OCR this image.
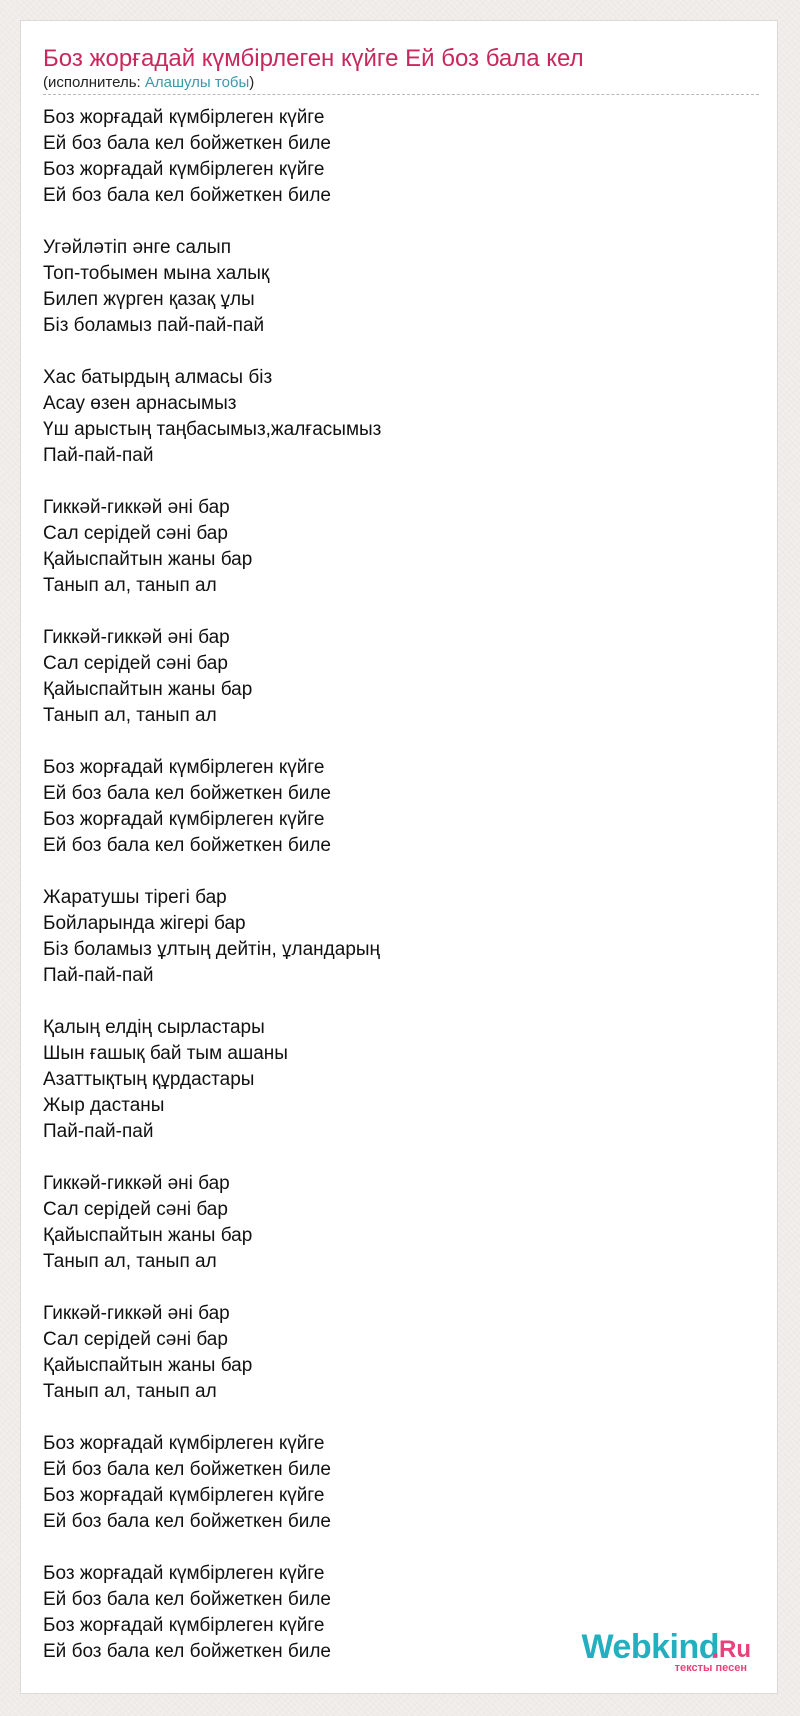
Боз жорғадай күмбірлеген күйге Ей боз бала кел
(исполнитель: Алашулы тобы)
Боз жорғадай күмбірлеген күйге
Ей боз бала кел бойжеткен биле
Боз жорғадай күмбірлеген күйге
Ей боз бала кел бойжеткен биле
Угәйләтіп әнге салып
Топ-тобымен мына халық
Билеп жүрген қазақ ұлы
Біз боламыз пай-пай-пай
Хас батырдың алмасы біз
Асау өзен арнасымыз
Үш арыстың таңбасымыз,жалғасымыз
Пай-пай-пай
Гиккәй-гиккәй әні бар
Сал серідей сәні бар
Қайыспайтын жаны бар
Танып ал, танып ал
Гиккәй-гиккәй әні бар
Сал серідей сәні бар
Қайыспайтын жаны бар
Танып ал, танып ал
Боз жорғадай күмбірлеген күйге
Ей боз бала кел бойжеткен биле
Боз жорғадай күмбірлеген күйге
Ей боз бала кел бойжеткен биле
Жаратушы тірегі бар
Бойларында жігері бар
Біз боламыз ұлтың дейтін, ұландарың
Пай-пай-пай
Қалың елдің сырластары
Шын ғашық бай тым ашаны
Азаттықтың құрдастары
Жыр дастаны
Пай-пай-пай
Гиккәй-гиккәй әні бар
Сал серідей сәні бар
Қайыспайтын жаны бар
Танып ал, танып ал
Гиккәй-гиккәй әні бар
Сал серідей сәні бар
Қайыспайтын жаны бар
Танып ал, танып ал
Боз жорғадай күмбірлеген күйге
Ей боз бала кел бойжеткен биле
Боз жорғадай күмбірлеген күйге
Ей боз бала кел бойжеткен биле
Боз жорғадай күмбірлеген күйге
Ей боз бала кел бойжеткен биле
Боз жорғадай күмбірлеген күйге
Ей боз бала кел бойжеткен биле	Webkind
.Ru
тексты песен
